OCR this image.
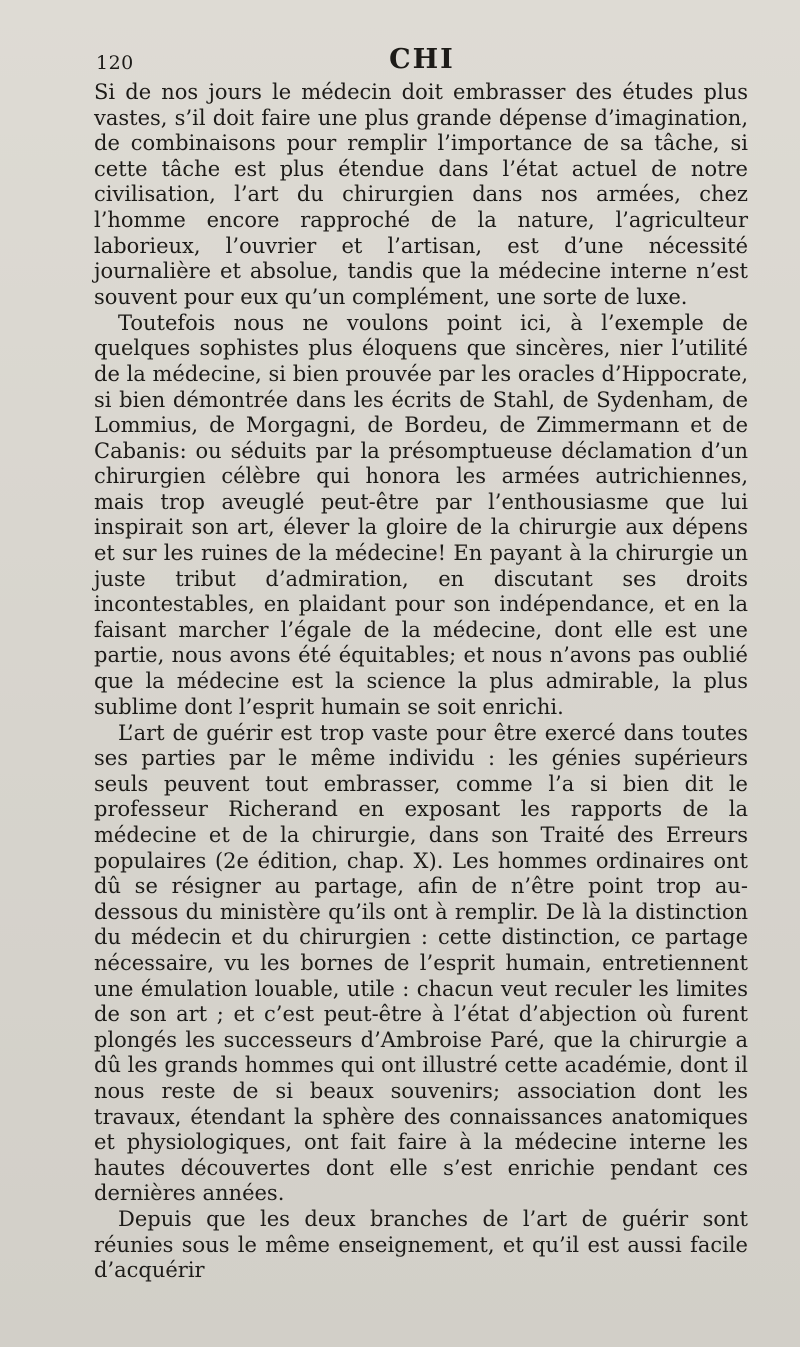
120	CHI

Si de nos jours le médecin doit embrasser des études plus vastes, s’il doit faire une plus grande dépense d’imagination, de combinaisons pour remplir l’importance de sa tâche, si cette tâche est plus étendue dans l’état actuel de notre civilisation, l’art du chirurgien dans nos armées, chez l’homme encore rapproché de la nature, l’agriculteur laborieux, l’ouvrier et l’artisan, est d’une nécessité journalière et absolue, tandis que la médecine interne n’est souvent pour eux qu’un complément, une sorte de luxe.

Toutefois nous ne voulons point ici, à l’exemple de quelques sophistes plus éloquens que sincères, nier l’utilité de la médecine, si bien prouvée par les oracles d’Hippocrate, si bien démontrée dans les écrits de Stahl, de Sydenham, de Lommius, de Morgagni, de Bordeu, de Zimmermann et de Cabanis: ou séduits par la présomptueuse déclamation d’un chirurgien célèbre qui honora les armées autrichiennes, mais trop aveuglé peut-être par l’enthousiasme que lui inspirait son art, élever la gloire de la chirurgie aux dépens et sur les ruines de la médecine! En payant à la chirurgie un juste tribut d’admiration, en discutant ses droits incontestables, en plaidant pour son indépendance, et en la faisant marcher l’égale de la médecine, dont elle est une partie, nous avons été équitables; et nous n’avons pas oublié que la médecine est la science la plus admirable, la plus sublime dont l’esprit humain se soit enrichi.

L’art de guérir est trop vaste pour être exercé dans toutes ses parties par le même individu : les génies supérieurs seuls peuvent tout embrasser, comme l’a si bien dit le professeur Richerand en exposant les rapports de la médecine et de la chirurgie, dans son Traité des Erreurs populaires (2e édition, chap. X). Les hommes ordinaires ont dû se résigner au partage, afin de n’être point trop au-dessous du ministère qu’ils ont à remplir. De là la distinction du médecin et du chirurgien : cette distinction, ce partage nécessaire, vu les bornes de l’esprit humain, entretiennent une émulation louable, utile : chacun veut reculer les limites de son art ; et c’est peut-être à l’état d’abjection où furent plongés les successeurs d’Ambroise Paré, que la chirurgie a dû les grands hommes qui ont illustré cette académie, dont il nous reste de si beaux souvenirs; association dont les travaux, étendant la sphère des connaissances anatomiques et physiologiques, ont fait faire à la médecine interne les hautes découvertes dont elle s’est enrichie pendant ces dernières années.

Depuis que les deux branches de l’art de guérir sont réunies sous le même enseignement, et qu’il est aussi facile d’acquérir
